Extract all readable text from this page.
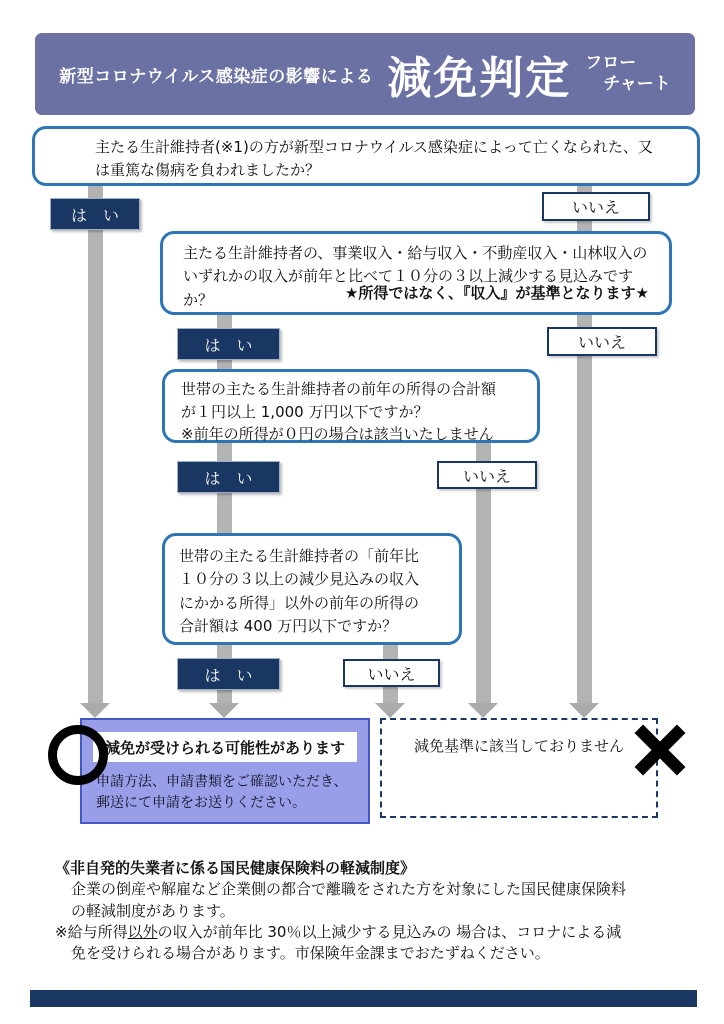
新型コロナウイルス感染症の影響による 減免判定 フロー
チャート
主たる生計維持者(※1)の方が新型コロナウイルス感染症によって亡くなられた、又
は重篤な傷病を負われましたか？
は　い	いいえ
主たる生計維持者の、事業収入・給与収入・不動産収入・山林収入の
いずれかの収入が前年と比べて１０分の３以上減少する見込みです
か？	★所得ではなく、『収入』が基準となります★
は　い	いいえ
世帯の主たる生計維持者の前年の所得の合計額
が１円以上 1,000 万円以下ですか？
※前年の所得が０円の場合は該当いたしません
は　い	いいえ
世帯の主たる生計維持者の「前年比
１０分の３以上の減少見込みの収入
にかかる所得」以外の前年の所得の
合計額は 400 万円以下ですか？
は　い	いいえ
減免が受けられる可能性があります
申請方法、申請書類をご確認いただき、
郵送にて申請をお送りください。
減免基準に該当しておりません
《非自発的失業者に係る国民健康保険料の軽減制度》
企業の倒産や解雇など企業側の都合で離職をされた方を対象にした国民健康保険料
の軽減制度があります。
※給与所得以外の収入が前年比 30％以上減少する見込みの 場合は、コロナによる減
免を受けられる場合があります。市保険年金課までおたずねください。
